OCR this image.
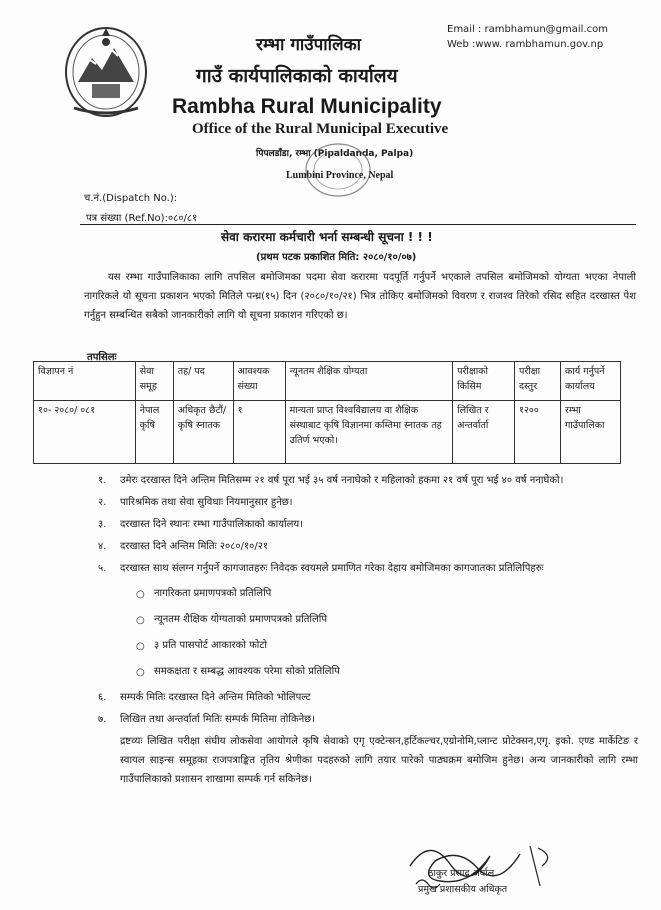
Email : rambhamun@gmail.com
Web :www. rambhamun.gov.np
रम्भा गाउँपालिका
गाउँ कार्यपालिकाको कार्यालय
Rambha Rural Municipality
Office of the Rural Municipal Executive
पिपलडाँडा, रम्भा (Pipaldanda, Palpa)
Lumbini Province, Nepal
च.नं.(Dispatch No.):
पत्र संख्या (Ref.No):०८०/८१
सेवा करारमा कर्मचारी भर्ना सम्बन्धी सूचना ! ! !
(प्रथम पटक प्रकाशित मिति: २०८०/१०/०७)
यस रम्भा गाउँपालिकाका लागि तपसिल बमोजिमका पदमा सेवा करारमा पदपूर्ति गर्नुपर्ने भएकाले तपसिल बमोजिमको योग्यता भएका नेपाली नागरिकले यो सूचना प्रकाशन भएको मितिले पन्ध्र(१५) दिन (२०८०/१०/२१) भित्र तोकिए बमोजिमको विवरण र राजश्व तिरेको रसिद सहित दरखास्त पेश गर्नुहुन सम्बन्धित सबैको जानकारीको लागि यो सूचना प्रकाशन गरिएको छ।
तपसिलः
विज्ञापन नं	सेवा समूह	तह/ पद	आवश्यक संख्या	न्यूनतम शैक्षिक योग्यता	परीक्षाको किसिम	परीक्षा दस्तुर	कार्य गर्नुपर्ने कार्यालय
१०- २०८०/ ०८१	नेपाल कृषि	अधिकृत छैटौं/ कृषि स्नातक	१	मान्यता प्राप्त विश्वविद्यालय वा शैक्षिक संस्थाबाट कृषि विज्ञानमा कम्तिमा स्नातक तह उतिर्ण भएको।	लिखित र अन्तर्वार्ता	१२००	रम्भा गाउँपालिका
१. उमेरः दरखास्त दिने अन्तिम मितिसम्म २१ वर्ष पूरा भई ३५ वर्ष ननाघेको र महिलाको हकमा २१ वर्ष पूरा भई ४० वर्ष ननाघेको।
२. पारिश्रमिक तथा सेवा सुविधाः नियमानुसार हुनेछ।
३. दरखास्त दिने स्थानः रम्भा गाउँपालिकाको कार्यालय।
४. दरखास्त दिने अन्तिम मितिः २०८०/१०/२१
५. दरखास्त साथ संलग्न गर्नुपर्ने कागजातहरुः निवेदक स्वयमले प्रमाणित गरेका देहाय बमोजिमका कागजातका प्रतिलिपिहरुः
○ नागरिकता प्रमाणपत्रको प्रतिलिपि
○ न्यूनतम शैक्षिक योग्यताको प्रमाणपत्रको प्रतिलिपि
○ ३ प्रति पासपोर्ट आकारको फोटो
○ समकक्षता र सम्बद्ध आवश्यक परेमा सोको प्रतिलिपि
६. सम्पर्क मितिः दरखास्त दिने अन्तिम मितिको भोलिपल्ट
७. लिखित तथा अन्तर्वार्ता मितिः सम्पर्क मितिमा तोकिनेछ।
द्रष्टव्यः लिखित परीक्षा संघीय लोकसेवा आयोगले कृषि सेवाको एगृ एक्टेन्सन,हर्टिकल्चर,एग्रोनोमि,प्लान्ट प्रोटेक्सन,एगृ. इको. एण्ड मार्केटिङ र स्वायल साइन्स समूहका राजपत्राङ्कित तृतिय श्रेणीका पदहरुको लागि तयार पारेको पाठ्यक्रम बमोजिम हुनेछ। अन्य जानकारीको लागि रम्भा गाउँपालिकाको प्रशासन शाखामा सम्पर्क गर्न सकिनेछ।
ठाकुर प्रसाद अर्याल
प्रमुख प्रशासकीय अधिकृत
